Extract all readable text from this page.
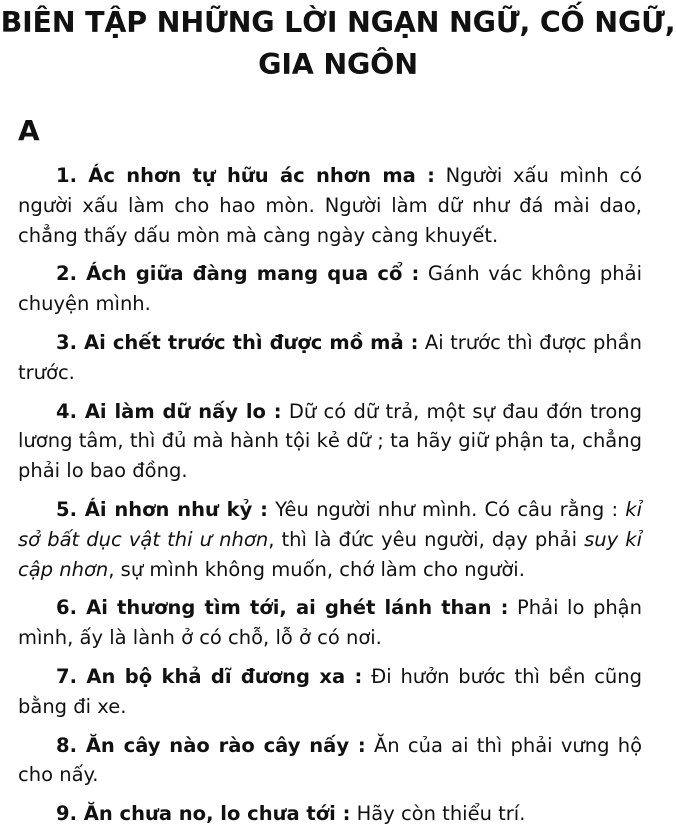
BIÊN TẬP NHỮNG LỜI NGẠN NGỮ, CỐ NGỮ, GIA NGÔN
A

1. Ác nhơn tự hữu ác nhơn ma : Người xấu mình có người xấu làm cho hao mòn. Người làm dữ như đá mài dao, chẳng thấy dấu mòn mà càng ngày càng khuyết.

2. Ách giữa đàng mang qua cổ : Gánh vác không phải chuyện mình.

3. Ai chết trước thì được mồ mả : Ai trước thì được phần trước.

4. Ai làm dữ nấy lo : Dữ có dữ trả, một sự đau đớn trong lương tâm, thì đủ mà hành tội kẻ dữ ; ta hãy giữ phận ta, chẳng phải lo bao đồng.

5. Ái nhơn như kỷ : Yêu người như mình. Có câu rằng : kỉ sở bất dục vật thi ư nhơn, thì là đức yêu người, dạy phải suy kỉ cập nhơn, sự mình không muốn, chớ làm cho người.

6. Ai thương tìm tới, ai ghét lánh than : Phải lo phận mình, ấy là lành ở có chỗ, lỗ ở có nơi.

7. An bộ khả dĩ đương xa : Đi hưởn bước thì bền cũng bằng đi xe.

8. Ăn cây nào rào cây nấy : Ăn của ai thì phải vưng hộ cho nấy.

9. Ăn chưa no, lo chưa tới : Hãy còn thiểu trí.
